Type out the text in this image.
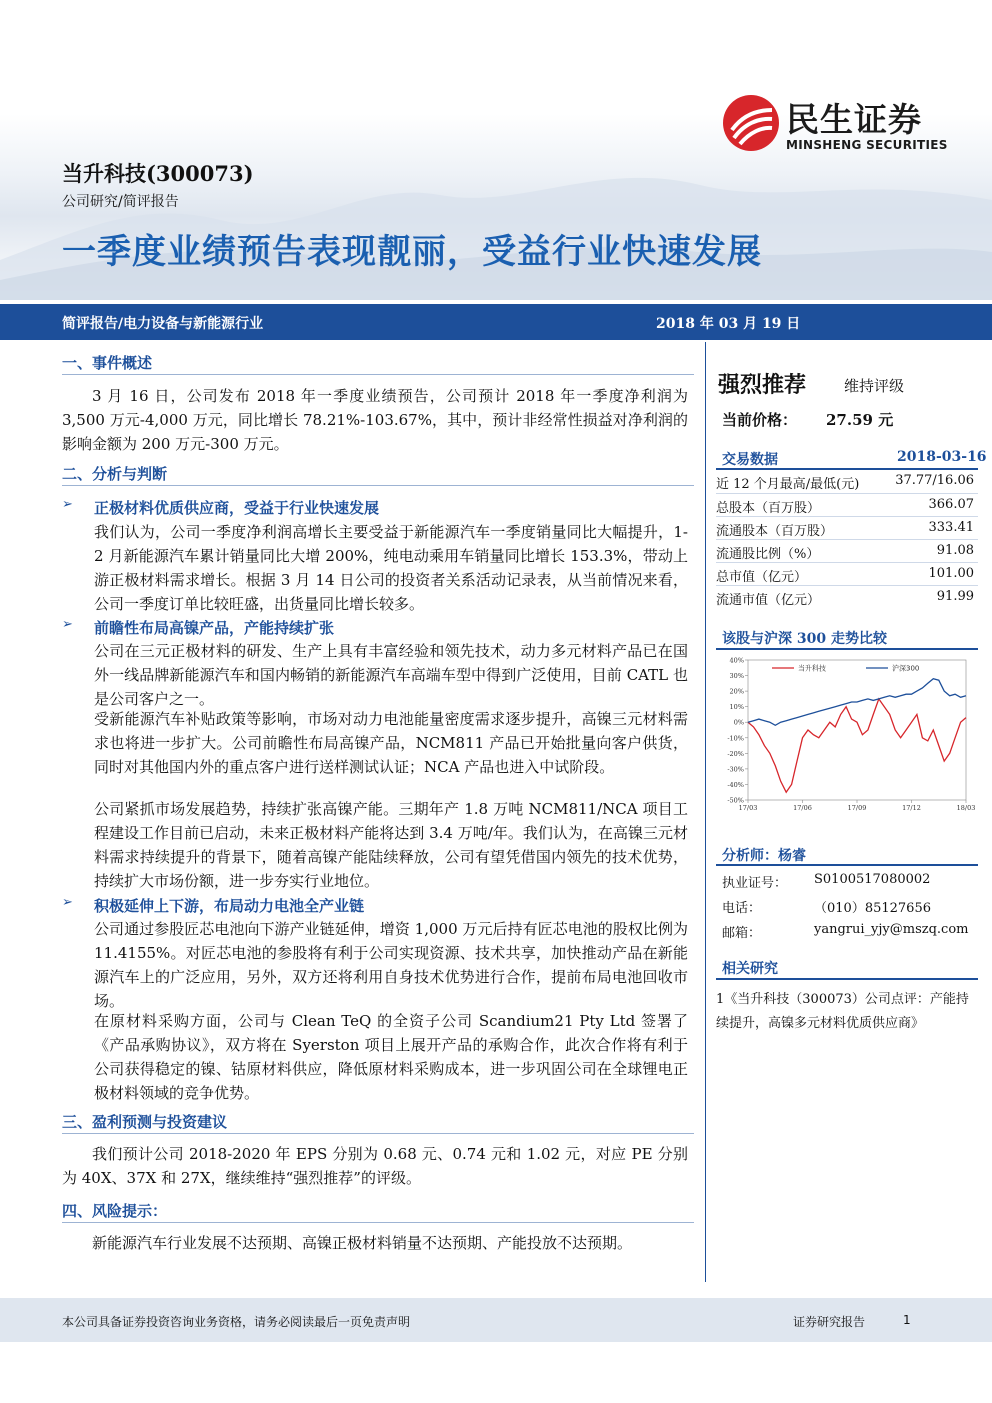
民生证券
MINSHENG SECURITIES
当升科技(300073)
公司研究/简评报告
一季度业绩预告表现靓丽，受益行业快速发展
简评报告/电力设备与新能源行业	2018 年 03 月 19 日
一、事件概述

3 月 16 日，公司发布 2018 年一季度业绩预告，公司预计 2018 年一季度净利润为 3,500 万元-4,000 万元，同比增长 78.21%-103.67%，其中，预计非经常性损益对净利润的影响金额为 200 万元-300 万元。

二、分析与判断
➢ 正极材料优质供应商，受益于行业快速发展

我们认为，公司一季度净利润高增长主要受益于新能源汽车一季度销量同比大幅提升，1-2 月新能源汽车累计销量同比大增 200%，纯电动乘用车销量同比增长 153.3%，带动上游正极材料需求增长。根据 3 月 14 日公司的投资者关系活动记录表，从当前情况来看，公司一季度订单比较旺盛，出货量同比增长较多。

➢ 前瞻性布局高镍产品，产能持续扩张

公司在三元正极材料的研发、生产上具有丰富经验和领先技术，动力多元材料产品已在国外一线品牌新能源汽车和国内畅销的新能源汽车高端车型中得到广泛使用，目前 CATL 也是公司客户之一。

受新能源汽车补贴政策等影响，市场对动力电池能量密度需求逐步提升，高镍三元材料需求也将进一步扩大。公司前瞻性布局高镍产品，NCM811 产品已开始批量向客户供货，同时对其他国内外的重点客户进行送样测试认证；NCA 产品也进入中试阶段。

公司紧抓市场发展趋势，持续扩张高镍产能。三期年产 1.8 万吨 NCM811/NCA 项目工程建设工作目前已启动，未来正极材料产能将达到 3.4 万吨/年。我们认为，在高镍三元材料需求持续提升的背景下，随着高镍产能陆续释放，公司有望凭借国内领先的技术优势，持续扩大市场份额，进一步夯实行业地位。

➢ 积极延伸上下游，布局动力电池全产业链

公司通过参股匠芯电池向下游产业链延伸，增资 1,000 万元后持有匠芯电池的股权比例为 11.4155%。对匠芯电池的参股将有利于公司实现资源、技术共享，加快推动产品在新能源汽车上的广泛应用，另外，双方还将利用自身技术优势进行合作，提前布局电池回收市场。

在原材料采购方面，公司与 Clean TeQ 的全资子公司 Scandium21 Pty Ltd 签署了《产品承购协议》，双方将在 Syerston 项目上展开产品的承购合作，此次合作将有利于公司获得稳定的镍、钴原材料供应，降低原材料采购成本，进一步巩固公司在全球锂电正极材料领域的竞争优势。

三、盈利预测与投资建议

我们预计公司 2018-2020 年 EPS 分别为 0.68 元、0.74 元和 1.02 元，对应 PE 分别为 40X、37X 和 27X，继续维持“强烈推荐”的评级。

四、风险提示：

新能源汽车行业发展不达预期、高镍正极材料销量不达预期、产能投放不达预期。

强烈推荐	维持评级
当前价格： 27.59 元
交易数据	2018-03-16
近 12 个月最高/最低(元)	37.77/16.06
总股本（百万股）	366.07
流通股本（百万股）	333.41
流通股比例（%）	91.08
总市值（亿元）	101.00
流通市值（亿元）	91.99
该股与沪深 300 走势比较
40%
30%
20%
10%
0%
-10%
-20%
-30%
-40%
-50%
17/03	17/06	17/09	17/12	18/03
当升科技	沪深300
分析师：杨睿
执业证号： S0100517080002
电话：	（010）85127656
邮箱：	yangrui_yjy@mszq.com
相关研究

1《当升科技（300073）公司点评：产能持续提升，高镍多元材料优质供应商》

本公司具备证券投资咨询业务资格，请务必阅读最后一页免责声明	证券研究报告	1
